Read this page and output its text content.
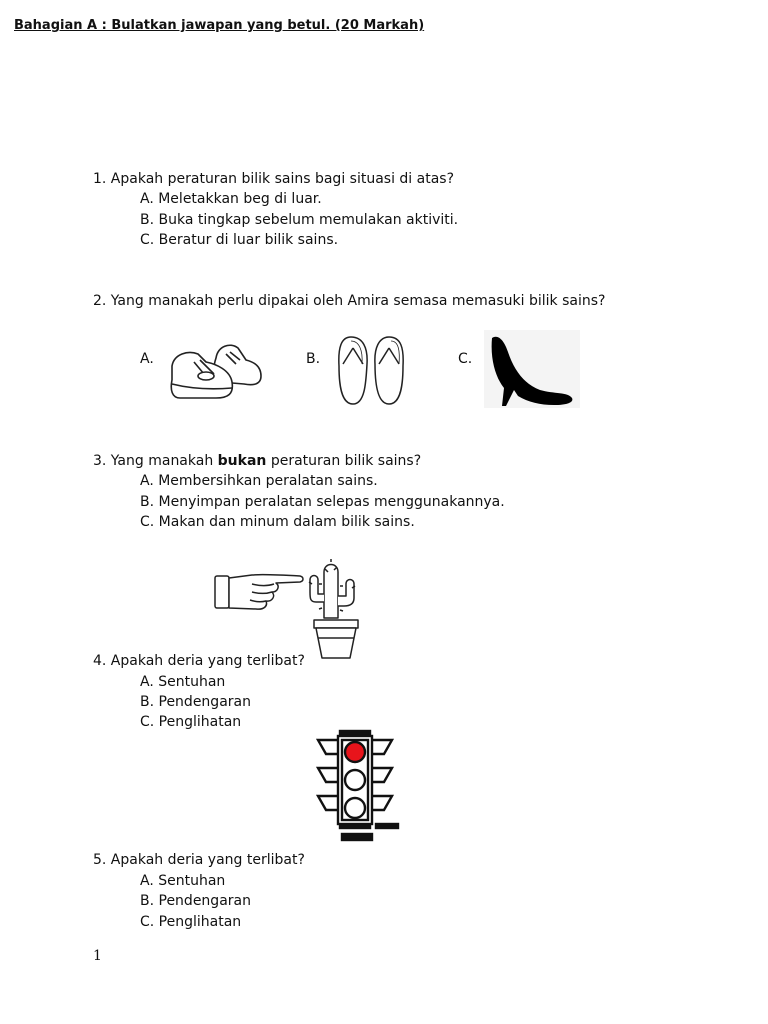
Bahagian A : Bulatkan jawapan yang betul. (20 Markah)
1. Apakah peraturan bilik sains bagi situasi di atas?
A. Meletakkan beg di luar.
B. Buka tingkap sebelum memulakan aktiviti.
C. Beratur di luar bilik sains.
2. Yang manakah perlu dipakai oleh Amira semasa memasuki bilik sains?
A.	B.	C.
3. Yang manakah bukan peraturan bilik sains?
A. Membersihkan peralatan sains.
B. Menyimpan peralatan selepas menggunakannya.
C. Makan dan minum dalam bilik sains.
4. Apakah deria yang terlibat?
A. Sentuhan
B. Pendengaran
C. Penglihatan
5. Apakah deria yang terlibat?
A. Sentuhan
B. Pendengaran
C. Penglihatan
1
